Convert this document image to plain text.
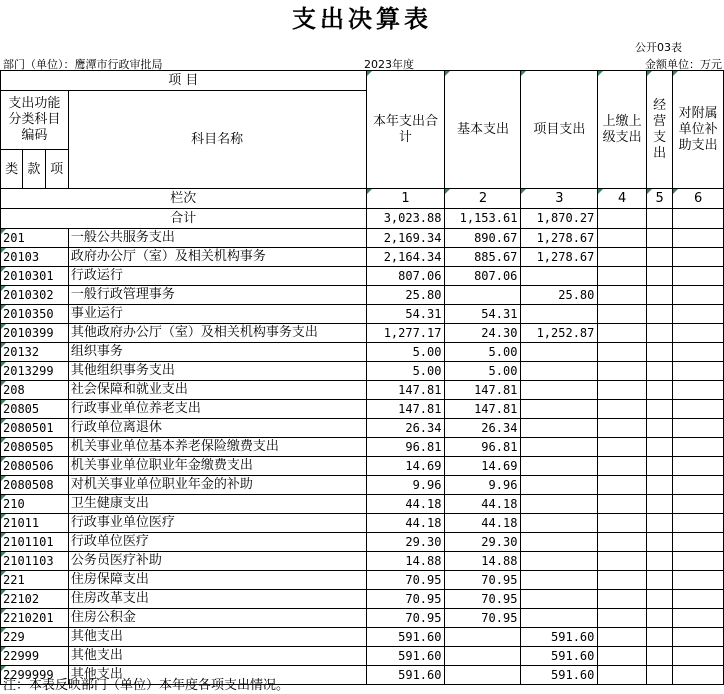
支出决算表
公开03表
部门（单位）：鹰潭市行政审批局	2023年度	金额单位：万元
项 目				本年支出合计	基本支出	项目支出	上缴上级支出	经营支出	对附属单位补助支出
支出功能分类科目编码			科目名称						

类	款	项							
栏次				1	2	3	4	5	6
合计				3,023.88	1,153.61	1,870.27			
201			一般公共服务支出	2,169.34	890.67	1,278.67			
20103			政府办公厅（室）及相关机构事务	2,164.34	885.67	1,278.67			
2010301			行政运行	807.06	807.06				
2010302			一般行政管理事务	25.80		25.80			
2010350			事业运行	54.31	54.31				
2010399			其他政府办公厅（室）及相关机构事务支出	1,277.17	24.30	1,252.87			
20132			组织事务	5.00	5.00				
2013299			其他组织事务支出	5.00	5.00				
208			社会保障和就业支出	147.81	147.81				
20805			行政事业单位养老支出	147.81	147.81				
2080501			行政单位离退休	26.34	26.34				
2080505			机关事业单位基本养老保险缴费支出	96.81	96.81				
2080506			机关事业单位职业年金缴费支出	14.69	14.69				
2080508			对机关事业单位职业年金的补助	9.96	9.96				
210			卫生健康支出	44.18	44.18				
21011			行政事业单位医疗	44.18	44.18				
2101101			行政单位医疗	29.30	29.30				
2101103			公务员医疗补助	14.88	14.88				
221			住房保障支出	70.95	70.95				
22102			住房改革支出	70.95	70.95				
2210201			住房公积金	70.95	70.95				
229			其他支出	591.60		591.60			
22999			其他支出	591.60		591.60			
2299999			其他支出	591.60		591.60			
注：本表反映部门（单位）本年度各项支出情况。
